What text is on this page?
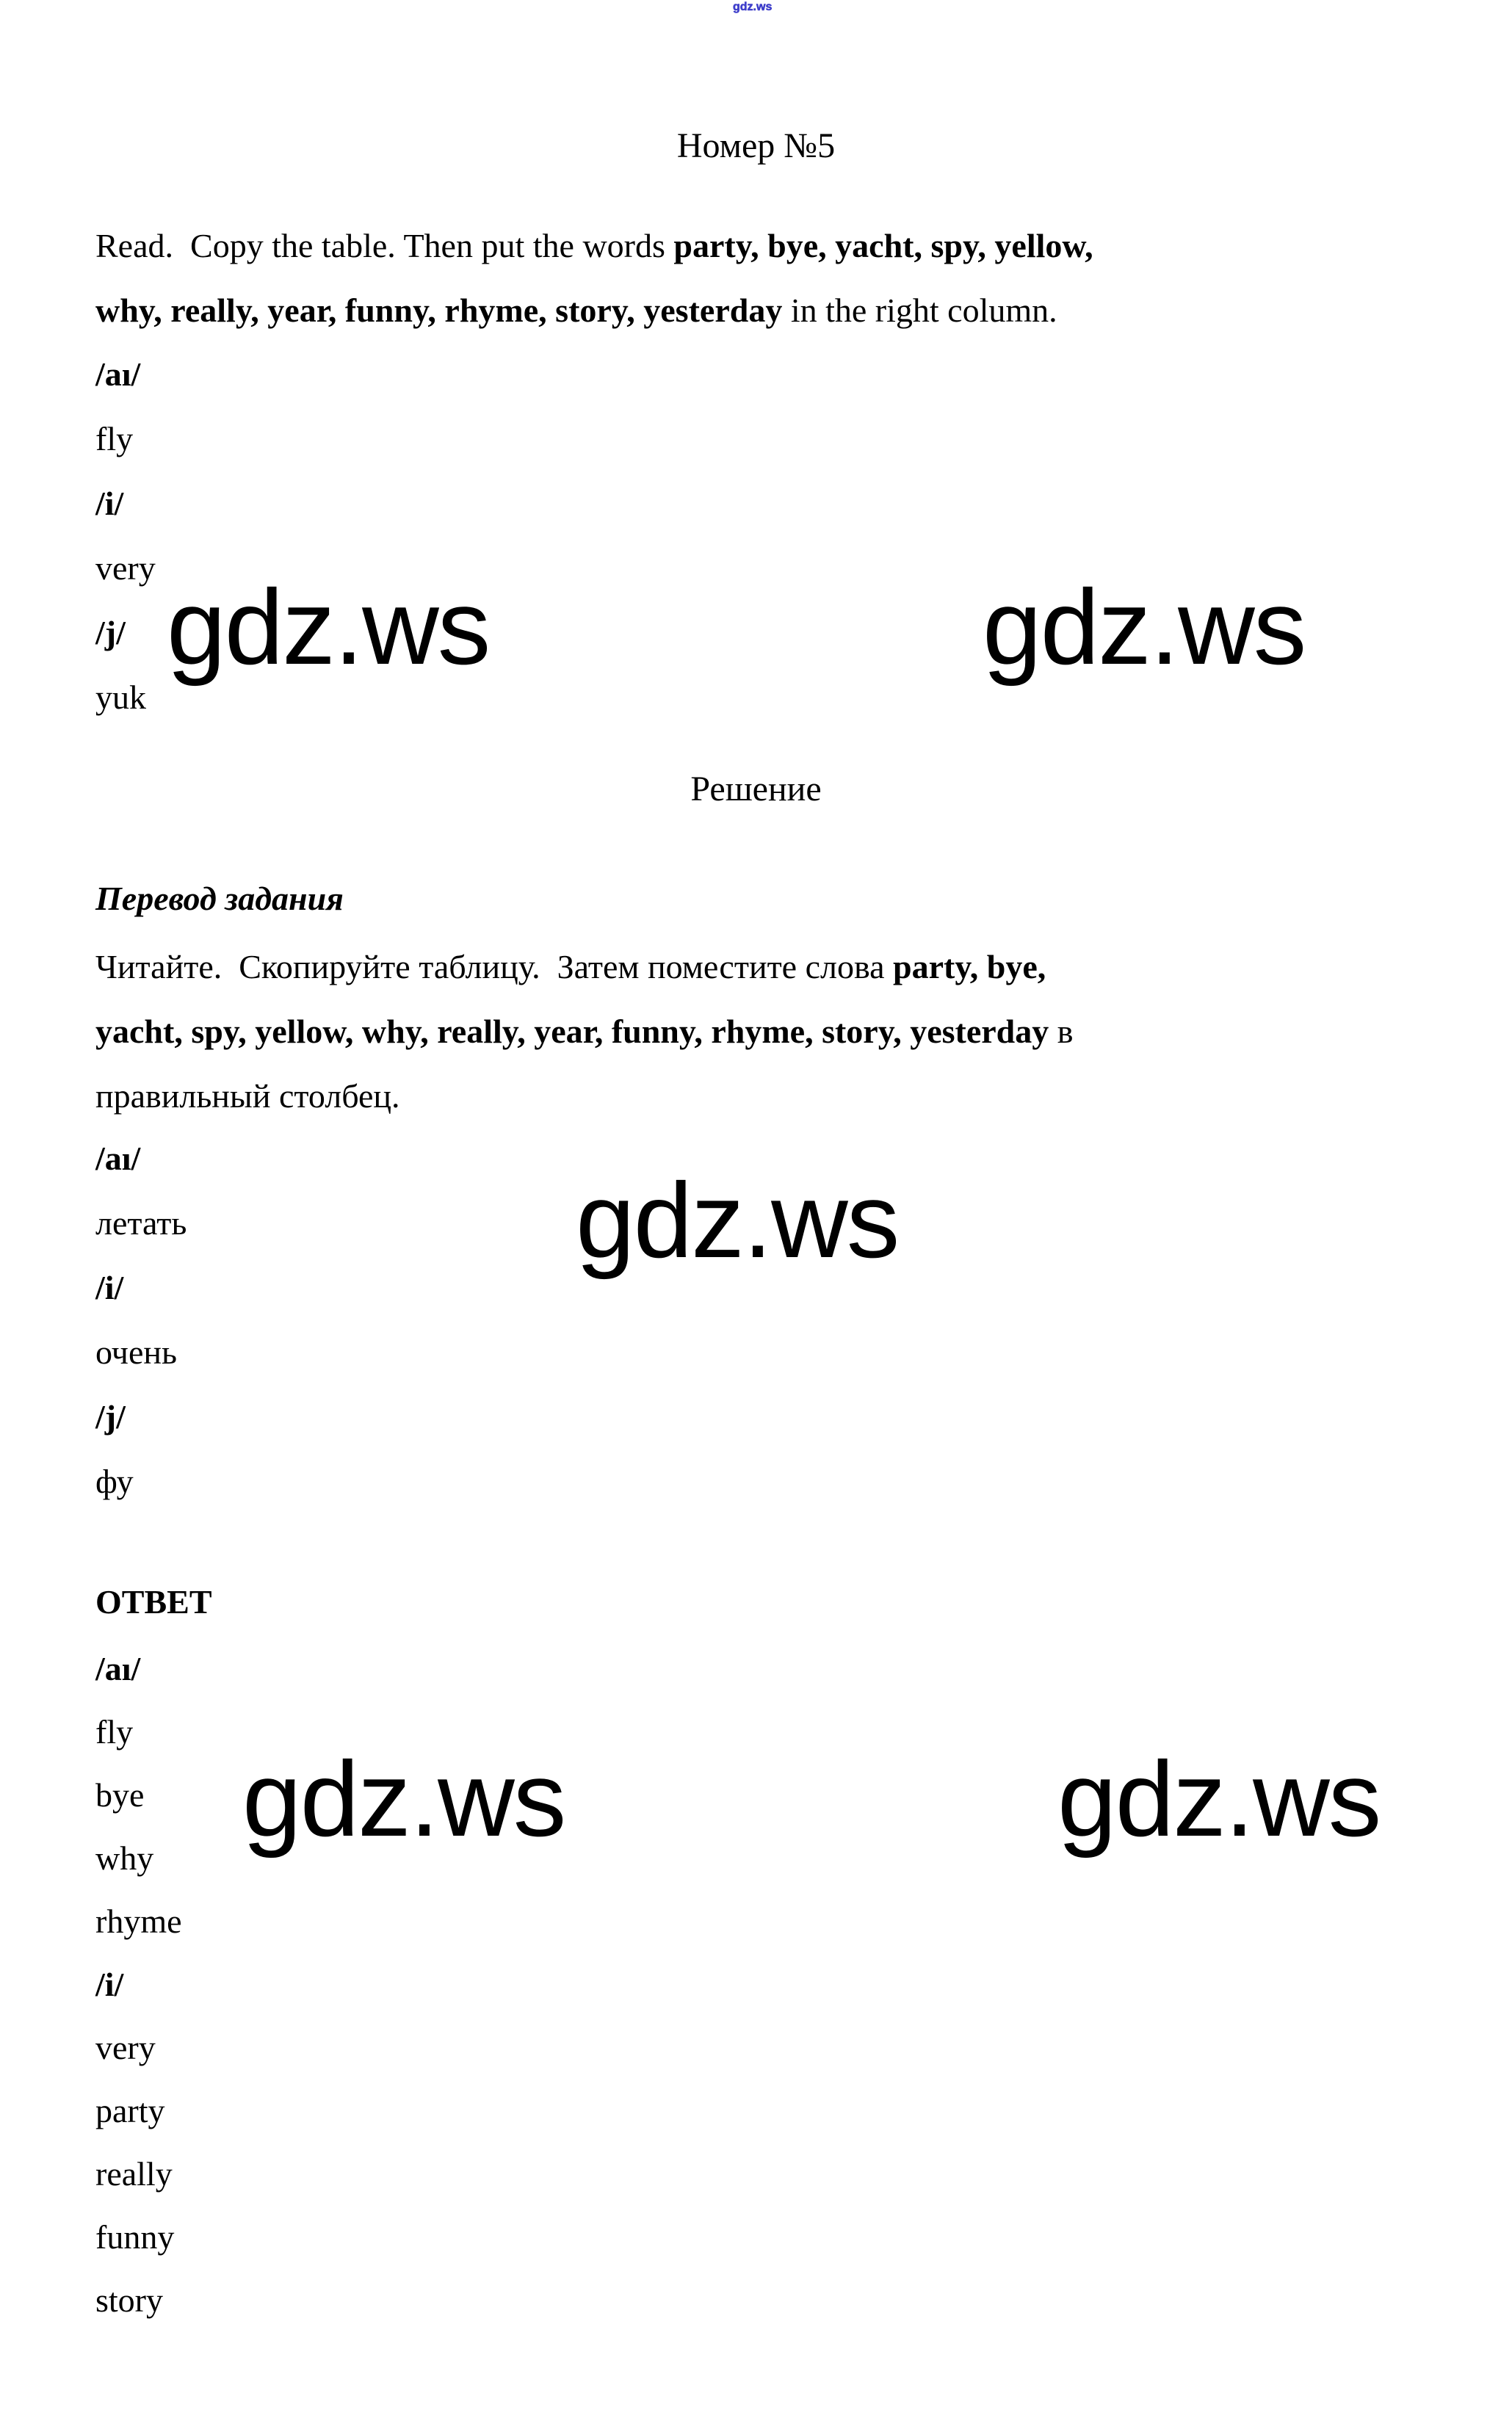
gdz.ws
Номер №5
Read.  Copy the table. Then put the words party, bye, yacht, spy, yellow,
why, really, year, funny, rhyme, story, yesterday in the right column.
/aı/
fly
/i/
very
/j/
yuk
gdz.ws	gdz.ws
Решение
Перевод задания
Читайте.  Скопируйте таблицу.  Затем поместите слова party, bye,
yacht, spy, yellow, why, really, year, funny, rhyme, story, yesterday в
правильный столбец.
/aı/
летать
/i/
очень
/j/
фу
gdz.ws
ОТВЕТ
/aı/
fly
bye
why
rhyme
/i/
very
party
really
funny
story
gdz.ws	gdz.ws
